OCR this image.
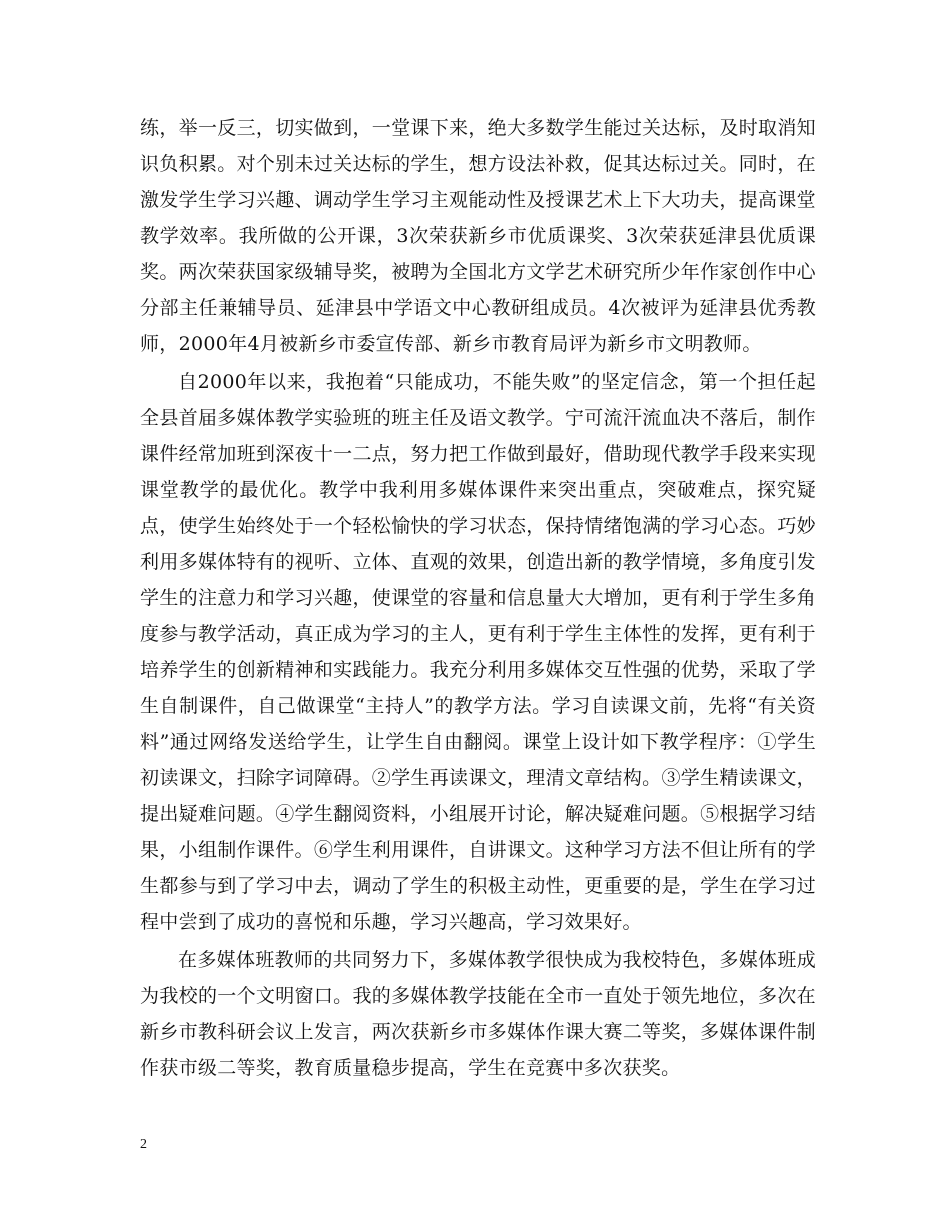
练，举一反三，切实做到，一堂课下来，绝大多数学生能过关达标，及时取消知识负积累。对个别未过关达标的学生，想方设法补救，促其达标过关。同时，在激发学生学习兴趣、调动学生学习主观能动性及授课艺术上下大功夫，提高课堂教学效率。我所做的公开课，3次荣获新乡市优质课奖、3次荣获延津县优质课奖。两次荣获国家级辅导奖，被聘为全国北方文学艺术研究所少年作家创作中心分部主任兼辅导员、延津县中学语文中心教研组成员。4次被评为延津县优秀教师，2000年4月被新乡市委宣传部、新乡市教育局评为新乡市文明教师。

自2000年以来，我抱着“只能成功，不能失败”的坚定信念，第一个担任起全县首届多媒体教学实验班的班主任及语文教学。宁可流汗流血决不落后，制作课件经常加班到深夜十一二点，努力把工作做到最好，借助现代教学手段来实现课堂教学的最优化。教学中我利用多媒体课件来突出重点，突破难点，探究疑点，使学生始终处于一个轻松愉快的学习状态，保持情绪饱满的学习心态。巧妙利用多媒体特有的视听、立体、直观的效果，创造出新的教学情境，多角度引发学生的注意力和学习兴趣，使课堂的容量和信息量大大增加，更有利于学生多角度参与教学活动，真正成为学习的主人，更有利于学生主体性的发挥，更有利于培养学生的创新精神和实践能力。我充分利用多媒体交互性强的优势，采取了学生自制课件，自己做课堂“主持人”的教学方法。学习自读课文前，先将“有关资料”通过网络发送给学生，让学生自由翻阅。课堂上设计如下教学程序：①学生初读课文，扫除字词障碍。②学生再读课文，理清文章结构。③学生精读课文，提出疑难问题。④学生翻阅资料，小组展开讨论，解决疑难问题。⑤根据学习结果，小组制作课件。⑥学生利用课件，自讲课文。这种学习方法不但让所有的学生都参与到了学习中去，调动了学生的积极主动性，更重要的是，学生在学习过程中尝到了成功的喜悦和乐趣，学习兴趣高，学习效果好。

在多媒体班教师的共同努力下，多媒体教学很快成为我校特色，多媒体班成为我校的一个文明窗口。我的多媒体教学技能在全市一直处于领先地位，多次在新乡市教科研会议上发言，两次获新乡市多媒体作课大赛二等奖，多媒体课件制作获市级二等奖，教育质量稳步提高，学生在竞赛中多次获奖。

2
